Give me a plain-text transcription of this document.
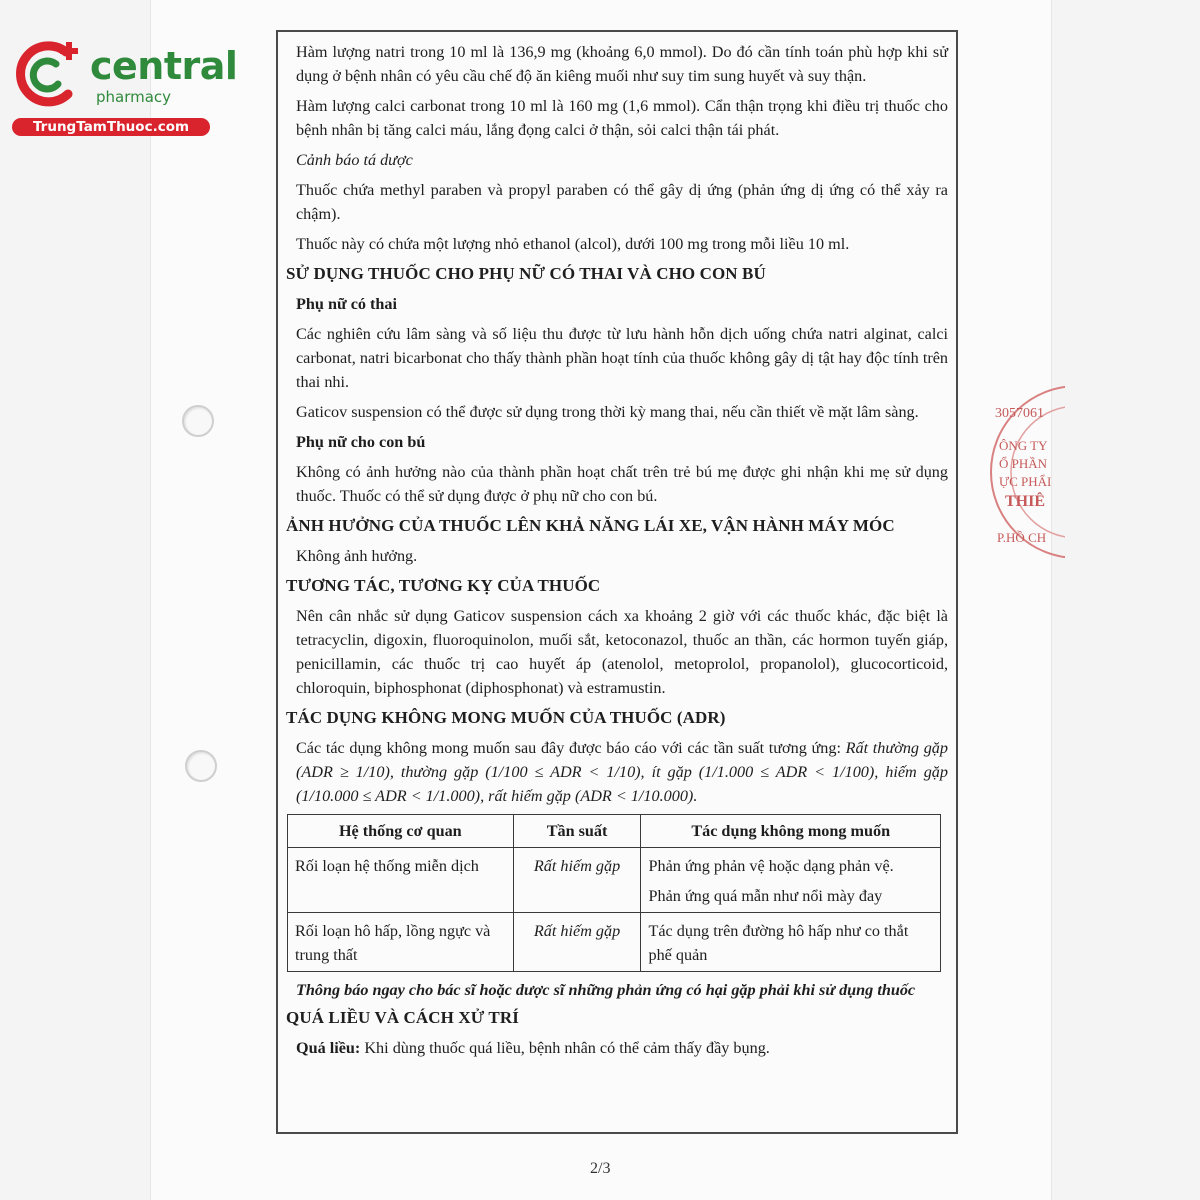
central
pharmacy
TrungTamThuoc.com
3057061
ÔNG TY
Ổ PHẦN
ỰC PHẨI
THIÊ
P.HỒ CH

Hàm lượng natri trong 10 ml là 136,9 mg (khoảng 6,0 mmol). Do đó cần tính toán phù hợp khi sử dụng ở bệnh nhân có yêu cầu chế độ ăn kiêng muối như suy tim sung huyết và suy thận.

Hàm lượng calci carbonat trong 10 ml là 160 mg (1,6 mmol). Cẩn thận trọng khi điều trị thuốc cho bệnh nhân bị tăng calci máu, lắng đọng calci ở thận, sỏi calci thận tái phát.

Cảnh báo tá dược

Thuốc chứa methyl paraben và propyl paraben có thể gây dị ứng (phản ứng dị ứng có thể xảy ra chậm).

Thuốc này có chứa một lượng nhỏ ethanol (alcol), dưới 100 mg trong mỗi liều 10 ml.

SỬ DỤNG THUỐC CHO PHỤ NỮ CÓ THAI VÀ CHO CON BÚ
Phụ nữ có thai

Các nghiên cứu lâm sàng và số liệu thu được từ lưu hành hỗn dịch uống chứa natri alginat, calci carbonat, natri bicarbonat cho thấy thành phần hoạt tính của thuốc không gây dị tật hay độc tính trên thai nhi.

Gaticov suspension có thể được sử dụng trong thời kỳ mang thai, nếu cần thiết về mặt lâm sàng.

Phụ nữ cho con bú

Không có ảnh hưởng nào của thành phần hoạt chất trên trẻ bú mẹ được ghi nhận khi mẹ sử dụng thuốc. Thuốc có thể sử dụng được ở phụ nữ cho con bú.

ẢNH HƯỞNG CỦA THUỐC LÊN KHẢ NĂNG LÁI XE, VẬN HÀNH MÁY MÓC

Không ảnh hưởng.

TƯƠNG TÁC, TƯƠNG KỴ CỦA THUỐC

Nên cân nhắc sử dụng Gaticov suspension cách xa khoảng 2 giờ với các thuốc khác, đặc biệt là tetracyclin, digoxin, fluoroquinolon, muối sắt, ketoconazol, thuốc an thần, các hormon tuyến giáp, penicillamin, các thuốc trị cao huyết áp (atenolol, metoprolol, propanolol), glucocorticoid, chloroquin, biphosphonat (diphosphonat) và estramustin.

TÁC DỤNG KHÔNG MONG MUỐN CỦA THUỐC (ADR)

Các tác dụng không mong muốn sau đây được báo cáo với các tần suất tương ứng: Rất thường gặp (ADR ≥ 1/10), thường gặp (1/100 ≤ ADR < 1/10), ít gặp (1/1.000 ≤ ADR < 1/100), hiếm gặp (1/10.000 ≤ ADR < 1/1.000), rất hiếm gặp (ADR < 1/10.000).

Hệ thống cơ quan	Tần suất	Tác dụng không mong muốn
Rối loạn hệ thống miễn dịch	Rất hiếm gặp	Phản ứng phản vệ hoặc dạng phản vệ.
Phản ứng quá mẫn như nổi mày đay

Rối loạn hô hấp, lồng ngực và trung thất	Rất hiếm gặp	Tác dụng trên đường hô hấp như co thắt phế quản

Thông báo ngay cho bác sĩ hoặc dược sĩ những phản ứng có hại gặp phải khi sử dụng thuốc

QUÁ LIỀU VÀ CÁCH XỬ TRÍ

Quá liều: Khi dùng thuốc quá liều, bệnh nhân có thể cảm thấy đầy bụng.

2/3
